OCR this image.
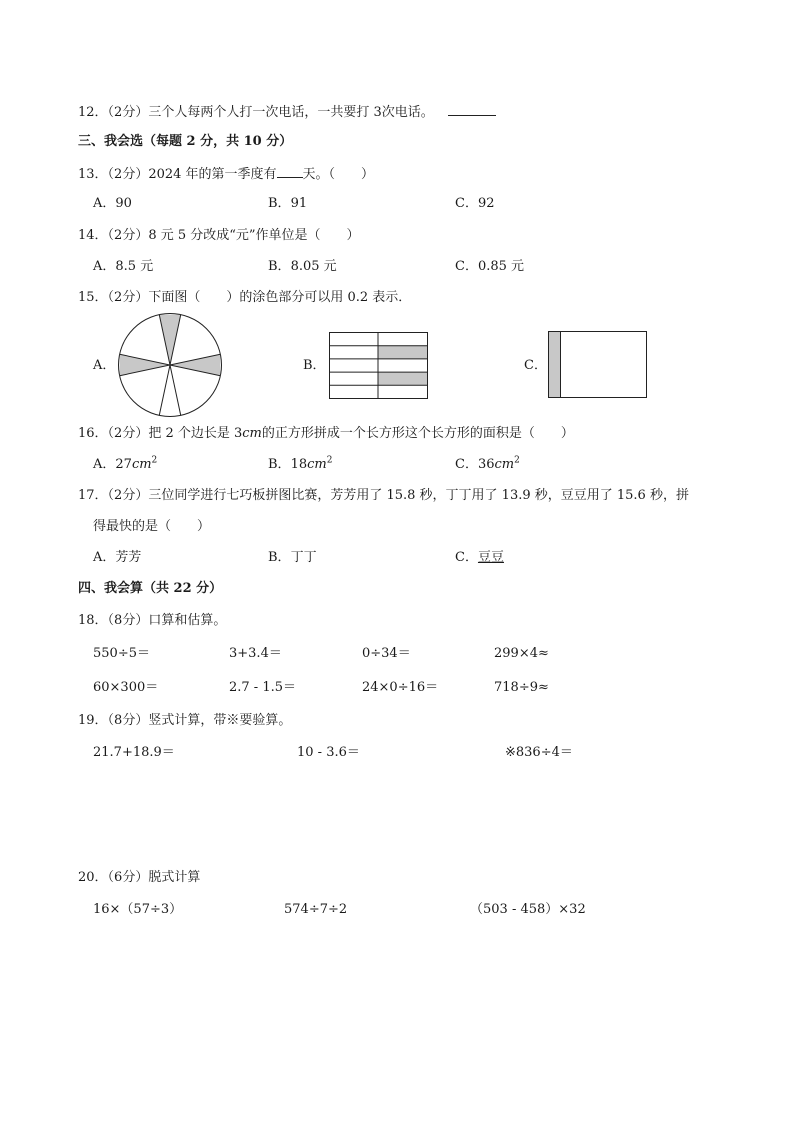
12．（2分）三个人每两个人打一次电话，一共要打 3次电话。
三、我会选（每题 2 分，共 10 分）
13．（2分）2024 年的第一季度有 天。（　　）
A．90	B．91	C．92
14．（2分）8 元 5 分改成“元”作单位是（　　）
A．8.5 元	B．8.05 元	C．0.85 元
15．（2分）下面图（　　）的涂色部分可以用 0.2 表示．
A．	B．	C．
16．（2分）把 2 个边长是 3cm的正方形拼成一个长方形这个长方形的面积是（　　）
A．$27cm^2$	B．$18cm^2$	C．$36cm^2$
17．（2分）三位同学进行七巧板拼图比赛，芳芳用了 15.8 秒，丁丁用了 13.9 秒，豆豆用了 15.6 秒，拼
得最快的是（　　）
A．芳芳	B．丁丁	C．豆豆
四、我会算（共 22 分）
18．（8分）口算和估算。
550÷5＝	3+3.4＝	0÷34＝	299×4≈
60×300＝	2.7 - 1.5＝	24×0÷16＝	718÷9≈
19．（8分）竖式计算，带※要验算。
21.7+18.9＝	10 - 3.6＝	※836÷4＝
20．（6分）脱式计算
16×（57÷3）	574÷7÷2	（503 - 458）×32
